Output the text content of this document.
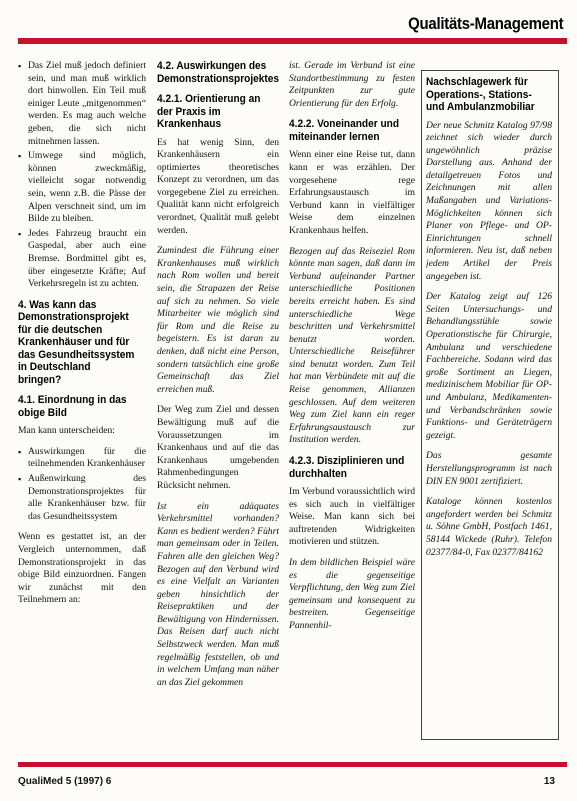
Qualitäts-Management
▪ Das Ziel muß jedoch definiert sein, und man muß wirklich dort hinwollen. Ein Teil muß einiger Leute „mitgenommen“ werden. Es mag auch welche geben, die sich nicht mitnehmen lassen.
▪ Umwege sind möglich, können zweckmäßig, vielleicht sogar notwendig sein, wenn z.B. die Pässe der Alpen verschneit sind, um im Bilde zu bleiben.
▪ Jedes Fahrzeug braucht ein Gaspedal, aber auch eine Bremse. Bordmittel gibt es, über eingesetzte Kräfte; Auf Verkehrsregeln ist zu achten.
4. Was kann das Demonstrationsprojekt für die deutschen Krankenhäuser und für das Gesundheitssystem in Deutschland bringen?
4.1. Einordnung in das obige Bild

Man kann unterscheiden:

▪ Auswirkungen für die teilnehmenden Krankenhäuser
▪ Außenwirkung des Demonstrationsprojektes für alle Krankenhäuser bzw. für das Gesundheitssystem

Wenn es gestattet ist, an der Vergleich unternommen, daß Demonstrationsprojekt in das obige Bild einzuordnen. Fangen wir zunächst mit den Teilnehmern an:

4.2. Auswirkungen des Demonstrationsprojektes
4.2.1. Orientierung an der Praxis im Krankenhaus

Es hat wenig Sinn, den Krankenhäusern ein optimiertes theoretisches Konzept zu verordnen, um das vorgegebene Ziel zu erreichen. Qualität kann nicht erfolgreich verordnet, Qualität muß gelebt werden.

Zumindest die Führung einer Krankenhauses muß wirklich nach Rom wollen und bereit sein, die Strapazen der Reise auf sich zu nehmen. So viele Mitarbeiter wie möglich sind für Rom und die Reise zu begeistern. Es ist daran zu denken, daß nicht eine Person, sondern tatsächlich eine große Gemeinschaft das Ziel erreichen muß.

Der Weg zum Ziel und dessen Bewältigung muß auf die Voraussetzungen im Krankenhaus und auf die das Krankenhaus umgebenden Rahmenbedingungen Rücksicht nehmen.

Ist ein adäquates Verkehrsmittel vorhanden? Kann es bedient werden? Führt man gemeinsam oder in Teilen. Fahren alle den gleichen Weg? Bezogen auf den Verbund wird es eine Vielfalt an Varianten geben hinsichtlich der Reisepraktiken und der Bewältigung von Hindernissen. Das Reisen darf auch nicht Selbstzweck werden. Man muß regelmäßig feststellen, ob und in welchem Umfang man näher an das Ziel gekommen

ist. Gerade im Verbund ist eine Standortbestimmung zu festen Zeitpunkten zur gute Orientierung für den Erfolg.

4.2.2. Voneinander und miteinander lernen

Wenn einer eine Reise tut, dann kann er was erzählen. Der vorgesehene rege Erfahrungsaustausch im Verbund kann in vielfältiger Weise dem einzelnen Krankenhaus helfen.

Bezogen auf das Reiseziel Rom könnte man sagen, daß dann im Verbund aufeinander Partner unterschiedliche Positionen bereits erreicht haben. Es sind unterschiedliche Wege beschritten und Verkehrsmittel benutzt worden. Unterschiedliche Reiseführer sind benutzt worden. Zum Teil hat man Verbündete mit auf die Reise genommen, Allianzen geschlossen. Auf dem weiteren Weg zum Ziel kann ein reger Erfahrungsaustausch zur Institution werden.

4.2.3. Disziplinieren und durchhalten

Im Verbund voraussichtlich wird es sich auch in vielfältiger Weise. Man kann sich bei auftretenden Widrigkeiten motivieren und stützen.

In dem bildlichen Beispiel wäre es die gegenseitige Verpflichtung, den Weg zum Ziel gemeinsam und konsequent zu bestreiten. Gegenseitige Pannenhil-

Nachschlagewerk für Operations-, Stations- und Ambulanzmobiliar

Der neue Schmitz Katalog 97/98 zeichnet sich wieder durch ungewöhnlich präzise Darstellung aus. Anhand der detailgetreuen Fotos und Zeichnungen mit allen Maßangaben und Variations-Möglichkeiten können sich Planer von Pflege- und OP-Einrichtungen schnell informieren. Neu ist, daß neben jedem Artikel der Preis angegeben ist.

Der Katalog zeigt auf 126 Seiten Untersuchungs- und Behandlungsstühle sowie Operationstische für Chirurgie, Ambulanz und verschiedene Fachbereiche. Sodann wird das große Sortiment an Liegen, medizinischem Mobiliar für OP- und Ambulanz, Medikamenten- und Verbandschränken sowie Funktions- und Geräteträgern gezeigt.

Das gesamte Herstellungsprogramm ist nach DIN EN 9001 zertifiziert.

Kataloge können kostenlos angefordert werden bei Schmitz u. Söhne GmbH, Postfach 1461, 58144 Wickede (Ruhr). Telefon 02377/84-0, Fax 02377/84162

QualiMed 5 (1997) 6	13
